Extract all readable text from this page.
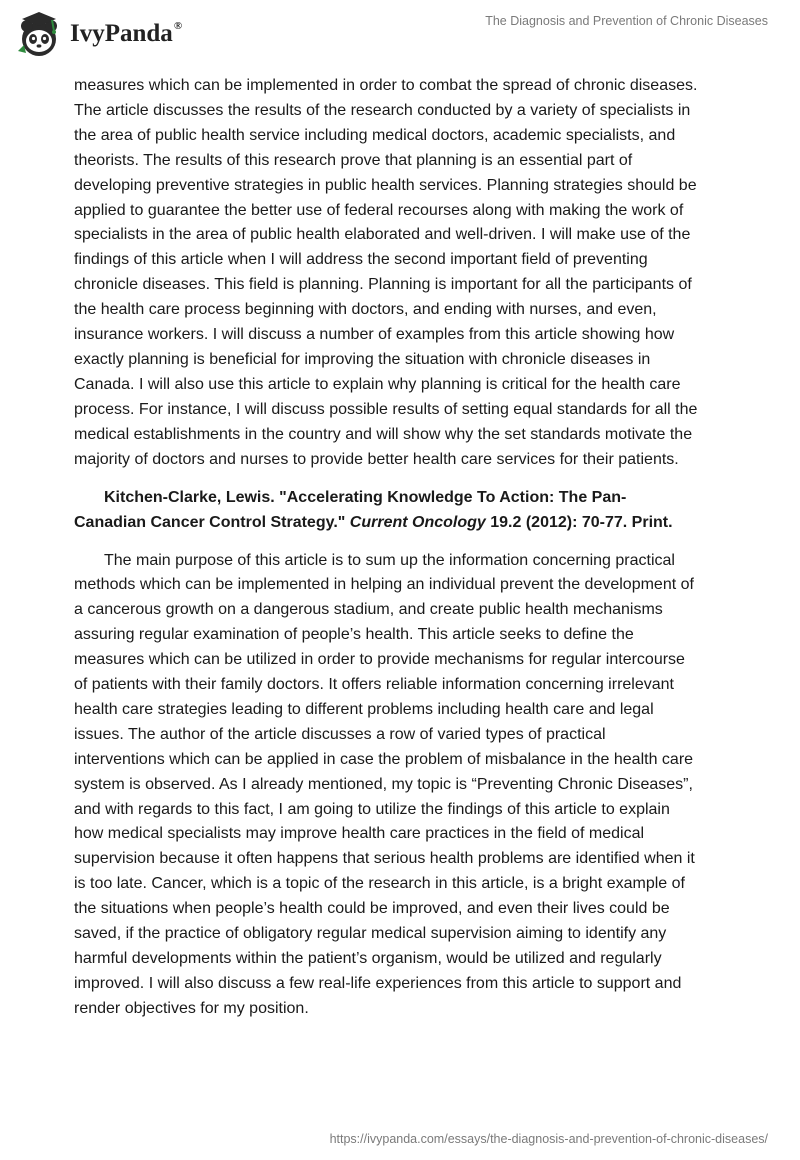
IvyPanda®	The Diagnosis and Prevention of Chronic Diseases

measures which can be implemented in order to combat the spread of chronic diseases.
The article discusses the results of the research conducted by a variety of specialists in
the area of public health service including medical doctors, academic specialists, and
theorists. The results of this research prove that planning is an essential part of
developing preventive strategies in public health services. Planning strategies should be
applied to guarantee the better use of federal recourses along with making the work of
specialists in the area of public health elaborated and well-driven. I will make use of the
findings of this article when I will address the second important field of preventing
chronicle diseases. This field is planning. Planning is important for all the participants of
the health care process beginning with doctors, and ending with nurses, and even,
insurance workers. I will discuss a number of examples from this article showing how
exactly planning is beneficial for improving the situation with chronicle diseases in
Canada. I will also use this article to explain why planning is critical for the health care
process. For instance, I will discuss possible results of setting equal standards for all the
medical establishments in the country and will show why the set standards motivate the
majority of doctors and nurses to provide better health care services for their patients.

Kitchen-Clarke, Lewis. "Accelerating Knowledge To Action: The Pan-
Canadian Cancer Control Strategy." Current Oncology 19.2 (2012): 70-77. Print.

The main purpose of this article is to sum up the information concerning practical
methods which can be implemented in helping an individual prevent the development of
a cancerous growth on a dangerous stadium, and create public health mechanisms
assuring regular examination of people’s health. This article seeks to define the
measures which can be utilized in order to provide mechanisms for regular intercourse
of patients with their family doctors. It offers reliable information concerning irrelevant
health care strategies leading to different problems including health care and legal
issues. The author of the article discusses a row of varied types of practical
interventions which can be applied in case the problem of misbalance in the health care
system is observed. As I already mentioned, my topic is “Preventing Chronic Diseases”,
and with regards to this fact, I am going to utilize the findings of this article to explain
how medical specialists may improve health care practices in the field of medical
supervision because it often happens that serious health problems are identified when it
is too late. Cancer, which is a topic of the research in this article, is a bright example of
the situations when people’s health could be improved, and even their lives could be
saved, if the practice of obligatory regular medical supervision aiming to identify any
harmful developments within the patient’s organism, would be utilized and regularly
improved. I will also discuss a few real-life experiences from this article to support and
render objectives for my position.

https://ivypanda.com/essays/the-diagnosis-and-prevention-of-chronic-diseases/
